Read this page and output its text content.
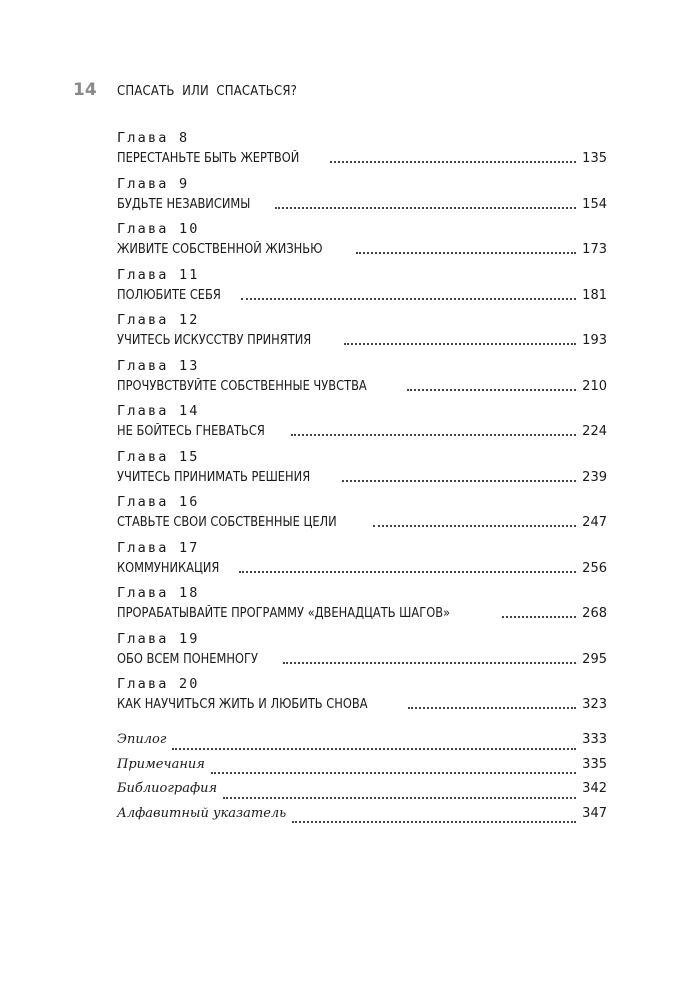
14	СПАСАТЬ ИЛИ СПАСАТЬСЯ?
Глава 8
ПЕРЕСТАНЬТЕ БЫТЬ ЖЕРТВОЙ	135
Глава 9
БУДЬТЕ НЕЗАВИСИМЫ	154
Глава 10
ЖИВИТЕ СОБСТВЕННОЙ ЖИЗНЬЮ	173
Глава 11
ПОЛЮБИТЕ СЕБЯ	181
Глава 12
УЧИТЕСЬ ИСКУССТВУ ПРИНЯТИЯ	193
Глава 13
ПРОЧУВСТВУЙТЕ СОБСТВЕННЫЕ ЧУВСТВА	210
Глава 14
НЕ БОЙТЕСЬ ГНЕВАТЬСЯ	224
Глава 15
УЧИТЕСЬ ПРИНИМАТЬ РЕШЕНИЯ	239
Глава 16
СТАВЬТЕ СВОИ СОБСТВЕННЫЕ ЦЕЛИ	247
Глава 17
КОММУНИКАЦИЯ	256
Глава 18
ПРОРАБАТЫВАЙТЕ ПРОГРАММУ «ДВЕНАДЦАТЬ ШАГОВ»	268
Глава 19
ОБО ВСЕМ ПОНЕМНОГУ	295
Глава 20
КАК НАУЧИТЬСЯ ЖИТЬ И ЛЮБИТЬ СНОВА	323
Эпилог	333
Примечания	335
Библиография	342
Алфавитный указатель	347
